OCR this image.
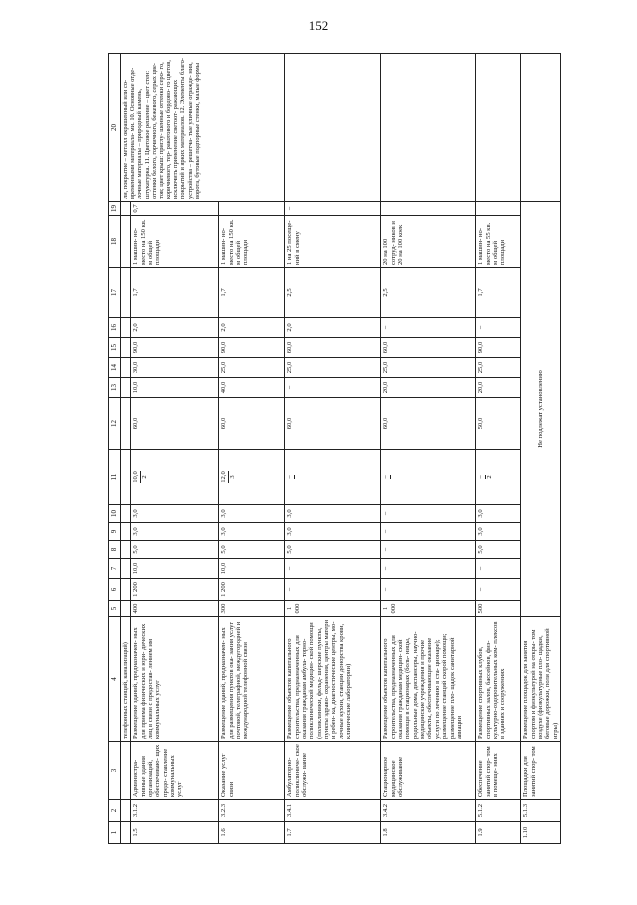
152
1	2	3	4	5	6	7	8	9	10	11	12	13	14	15	16	17	18	19	20
			телефонных станций, канализаций)																ли, покрытие – металл окрашенный или со- временными материала- ми. 10. Основные отде- лочные материалы – природный камень, штукатурка. 11. Цветовое решение – цвет стен: оттенки белого, горчичного, бежевого, серых цве- тов; цвет крыш: приглу- шенные оттенки серо- го, коричневого, тер- ракотового и бордово- го цветов, исключить применение светоот- ражающих покрытий и ярких материалов. 12. Элементы благо- устройства – решетча- тые уличные ограждe- ния, ворота, бутовые подпорные стенки, малые формы
1.5	3.1.2	Администра- тивные здания организаций, обеспечиваю- щих предо- ставление коммунальных услуг	Размещение зданий, предназначен- ных для приема физических и юри- дических лиц в связи с предостав- лением им коммунальных услуг	400	1 200	10,0	5,0	3,0	3,0	10,0 2	60,0	10,0	30,0	90,0	2,0	1,7	1 машин- но-место на 150 кв. м общей площади	0,7	
1.6	3.2.3	Оказание услуг связи	Размещение зданий, предназначен- ных для размещения пунктов ока- зания услуг почтовой, телеграфной, междугородней и международной телефонной связи	300	1 200	10,0	5,0	3,0	3,0	12,0 3	60,0	40,0	25,0	90,0	2,0	1,7	1 машин- но-место на 150 кв. м общей площади		
1.7	3.4.1	Амбулаторно- поликлиниче- ское обслужи- вание	Размещение объектов капитального строительства, предназначенных для оказания гражданам амбула- торно-поликлинической медицин- ской помощи (поликлиники, фельд- шерские пункты, пункты здраво- охранения, центры матери и ребен- ка, диагностические центры, мо- лочные кухни, станции донорства крови, клинические лаборатории)	1 000	–	–	5,0	3,0	3,0	–	60,0	–	25,0	60,0	2,0	2,5	1 на 25 посеще- ний в смену	–	
1.8	3.4.2	Стационарное медицинское обслуживание	Размещение объектов капитального строительства, предназначенных для оказания гражданам медицин- ской помощи в стационарах (боль- ницы, родильные дома, диспансеры, научно-медицинские учреждения и прочие объекты, обеспечивающие оказание услуги по лечению в ста- ционаре); размещение станций скорой помощи; размещение пло- щадок санитарной авиации	1 000	–	–	–	–	–	–	60,0	20,0	25,0	60,0	–	2,5	20 на 100 сотруд- ников и 20 на 100 коек		
1.9	5.1.2	Обеспечение занятий спор- том в помеще- ниях	Размещение спортивных клубов, спортивных залов, бассейнов, физ- культурно-оздоровительных ком- плексов в зданиях и сооружениях	500	–	–	5,0	3,0	3,0	– 2	50,0	20,0	25,0	90,0	–	1,7	1 машин- но-место на 55 кв. м общей площади		
1.10	5.1.3	Площадки для занятий спор- том	Размещение площадок для занятия спортом и физкультурой на откры- том воздухе (физкультурные пло- щадки, беговые дорожки, поля для спортивной игры)	Не подлежат установлению															
